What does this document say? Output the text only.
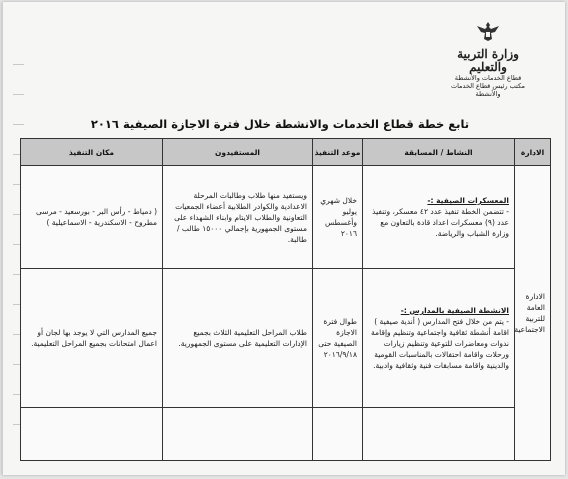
وزارة التربية والتعليم
قطاع الخدمات والأنشطة
مكتب رئيس قطاع الخدمات والأنشطة
تابع خطة قطاع الخدمات والانشطة خلال فترة الاجازة الصيفية ٢٠١٦
الادارة	النشاط / المسابقة	موعد التنفيذ	المستفيدون	مكان التنفيذ
الادارة العامة للتربية الاجتماعية	المعسكرات الصيفية :-
- تتضمن الخطة تنفيذ عدد ٤٢ معسكر، وتنفيذ عدد (٩) معسكرات اعداد قادة بالتعاون مع وزارة الشباب والرياضة.	خلال شهري يوليو وأغسطس ٢٠١٦	ويستفيد منها طلاب وطالبات المرحلة الاعدادية والكوادر الطلابية أعضاء الجمعيات التعاونية والطلاب الايتام وابناء الشهداء على مستوى الجمهورية بإجمالي ١٥٠٠٠ طالب / طالبة.	( دمياط - رأس البر - بورسعيد - مرسى مطروح - الاسكندرية - الاسماعيلية )

	الانشطة الصيفية بالمدارس :-
- يتم من خلال فتح المدارس ( أندية صيفية ) اقامة أنشطة ثقافية واجتماعية وتنظيم وإقامة ندوات ومعاضرات للتوعية وتنظيم زيارات ورحلات واقامة احتفالات بالمناسبات القومية والدينية واقامة مسابقات فنية وثقافية وادبية.	طوال فترة الاجازة الصيفية حتى ٢٠١٦/٩/١٨	طلاب المراحل التعليمية الثلاث بجميع الإدارات التعليمية على مستوى الجمهورية.	جميع المدارس التي لا يوجد بها لجان أو اعمال امتحانات بجميع المراحل التعليمية.
